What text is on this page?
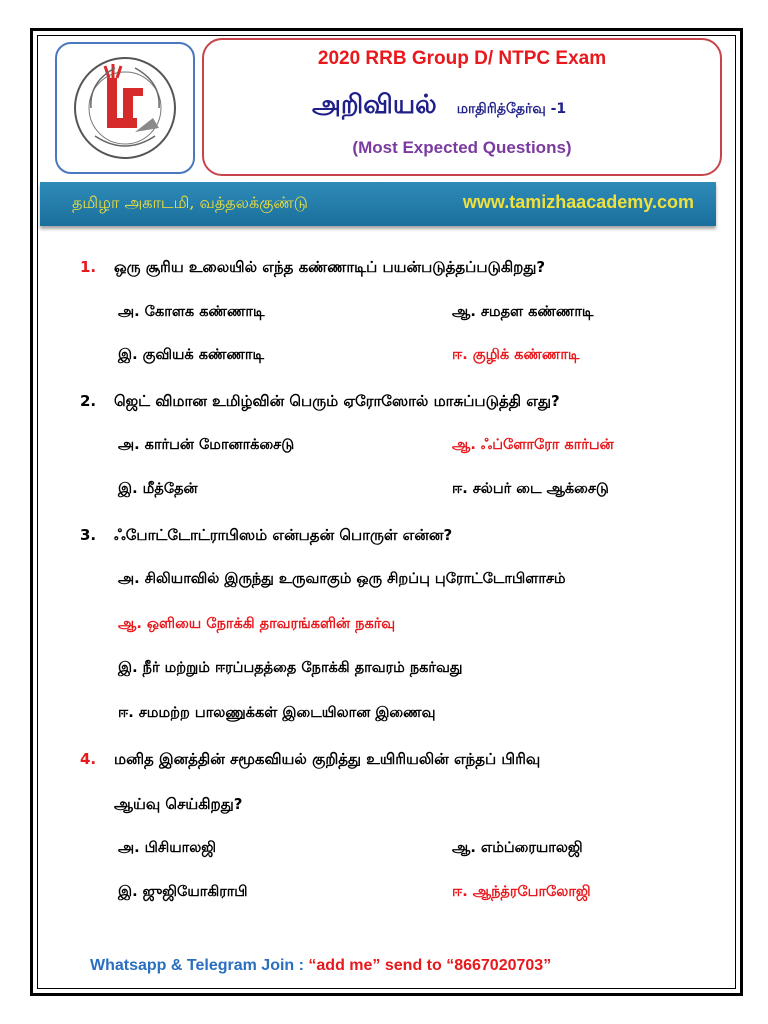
2020 RRB Group D/ NTPC Exam
அறிவியல் மாதிரித்தேர்வு -1
(Most Expected Questions)
தமிழா அகாடமி, வத்தலக்குண்டு	www.tamizhaacademy.com
1. ஒரு சூரிய உலையில் எந்த கண்ணாடிப் பயன்படுத்தப்படுகிறது?
அ. கோளக கண்ணாடி	ஆ. சமதள கண்ணாடி
இ. குவியக் கண்ணாடி	ஈ. குழிக் கண்ணாடி
2. ஜெட் விமான உமிழ்வின் பெரும் ஏரோஸோல் மாசுப்படுத்தி எது?
அ. கார்பன் மோனாக்சைடு	ஆ. ஃப்ளோரோ கார்பன்
இ. மீத்தேன்	ஈ. சல்பர் டை ஆக்சைடு
3. ஃபோட்டோட்ராபிஸம் என்பதன் பொருள் என்ன?
அ. சிலியாவில் இருந்து உருவாகும் ஒரு சிறப்பு புரோட்டோபிளாசம்
ஆ. ஒளியை நோக்கி தாவரங்களின் நகர்வு
இ. நீர் மற்றும் ஈரப்பதத்தை நோக்கி தாவரம் நகர்வது
ஈ. சமமற்ற பாலணுக்கள் இடையிலான இணைவு
4. மனித இனத்தின் சமூகவியல் குறித்து உயிரியலின் எந்தப் பிரிவு
ஆய்வு செய்கிறது?
அ. பிசியாலஜி	ஆ. எம்ப்ரையாலஜி
இ. ஜுஜியோகிராபி	ஈ. ஆந்த்ரபோலோஜி
Whatsapp & Telegram Join : “add me” send to “8667020703”
